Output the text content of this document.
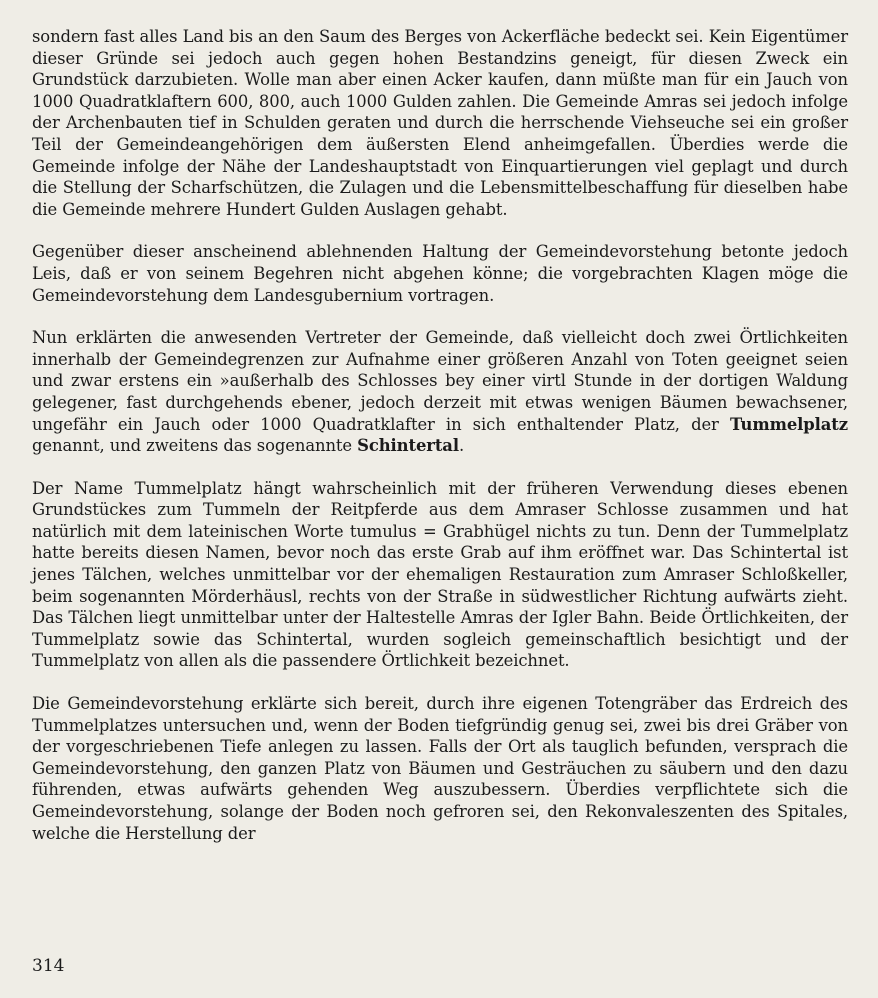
sondern fast alles Land bis an den Saum des Berges von Ackerfläche bedeckt sei. Kein Eigentümer dieser Gründe sei jedoch auch gegen hohen Bestandzins geneigt, für diesen Zweck ein Grundstück darzubieten. Wolle man aber einen Acker kaufen, dann müßte man für ein Jauch von 1000 Quadratklaftern 600, 800, auch 1000 Gulden zahlen. Die Gemeinde Amras sei jedoch infolge der Archenbauten tief in Schulden geraten und durch die herrschende Viehseuche sei ein großer Teil der Gemeindeangehörigen dem äußersten Elend anheimgefallen. Überdies werde die Gemeinde infolge der Nähe der Landeshauptstadt von Einquartierungen viel geplagt und durch die Stellung der Scharfschützen, die Zulagen und die Lebensmittelbeschaffung für dieselben habe die Gemeinde mehrere Hundert Gulden Auslagen gehabt.

Gegenüber dieser anscheinend ablehnenden Haltung der Gemeindevorstehung betonte jedoch Leis, daß er von seinem Begehren nicht abgehen könne; die vorgebrachten Klagen möge die Gemeindevorstehung dem Landesgubernium vortragen.

Nun erklärten die anwesenden Vertreter der Gemeinde, daß vielleicht doch zwei Örtlichkeiten innerhalb der Gemeindegrenzen zur Aufnahme einer größeren Anzahl von Toten geeignet seien und zwar erstens ein »außerhalb des Schlosses bey einer virtl Stunde in der dortigen Waldung gelegener, fast durchgehends ebener, jedoch derzeit mit etwas wenigen Bäumen bewachsener, ungefähr ein Jauch oder 1000 Quadratklafter in sich enthaltender Platz, der Tummelplatz genannt, und zweitens das sogenannte Schintertal.

Der Name Tummelplatz hängt wahrscheinlich mit der früheren Verwendung dieses ebenen Grundstückes zum Tummeln der Reitpferde aus dem Amraser Schlosse zusammen und hat natürlich mit dem lateinischen Worte tumulus = Grabhügel nichts zu tun. Denn der Tummelplatz hatte bereits diesen Namen, bevor noch das erste Grab auf ihm eröffnet war. Das Schintertal ist jenes Tälchen, welches unmittelbar vor der ehemaligen Restauration zum Amraser Schloßkeller, beim sogenannten Mörderhäusl, rechts von der Straße in südwestlicher Richtung aufwärts zieht. Das Tälchen liegt unmittelbar unter der Haltestelle Amras der Igler Bahn. Beide Örtlichkeiten, der Tummelplatz sowie das Schintertal, wurden sogleich gemeinschaftlich besichtigt und der Tummelplatz von allen als die passendere Örtlichkeit bezeichnet.

Die Gemeindevorstehung erklärte sich bereit, durch ihre eigenen Totengräber das Erdreich des Tummelplatzes untersuchen und, wenn der Boden tiefgründig genug sei, zwei bis drei Gräber von der vorgeschriebenen Tiefe anlegen zu lassen. Falls der Ort als tauglich befunden, versprach die Gemeindevorstehung, den ganzen Platz von Bäumen und Gesträuchen zu säubern und den dazu führenden, etwas aufwärts gehenden Weg auszubessern. Überdies verpflichtete sich die Gemeindevorstehung, solange der Boden noch gefroren sei, den Rekonvaleszenten des Spitales, welche die Herstellung der

314
